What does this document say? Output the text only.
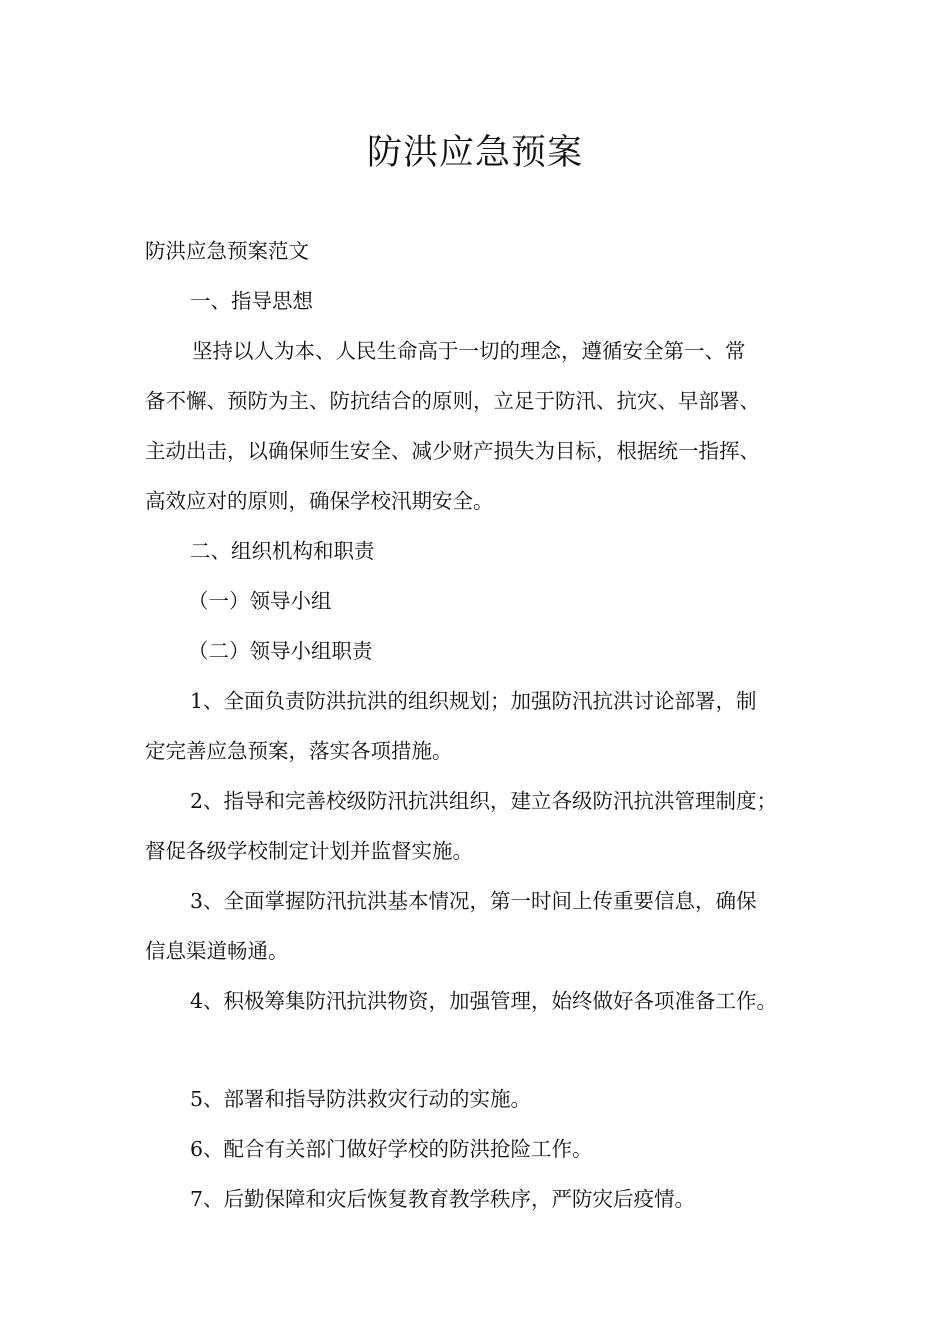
防洪应急预案
防洪应急预案范文
一、指导思想
坚持以人为本、人民生命高于一切的理念，遵循安全第一、常
备不懈、预防为主、防抗结合的原则，立足于防汛、抗灾、早部署、
主动出击，以确保师生安全、减少财产损失为目标，根据统一指挥、
高效应对的原则，确保学校汛期安全。
二、组织机构和职责
（一）领导小组
（二）领导小组职责
1、全面负责防洪抗洪的组织规划；加强防汛抗洪讨论部署，制
定完善应急预案，落实各项措施。
2、指导和完善校级防汛抗洪组织，建立各级防汛抗洪管理制度；
督促各级学校制定计划并监督实施。
3、全面掌握防汛抗洪基本情况，第一时间上传重要信息，确保
信息渠道畅通。
4、积极筹集防汛抗洪物资，加强管理，始终做好各项准备工作。
5、部署和指导防洪救灾行动的实施。
6、配合有关部门做好学校的防洪抢险工作。
7、后勤保障和灾后恢复教育教学秩序，严防灾后疫情。
